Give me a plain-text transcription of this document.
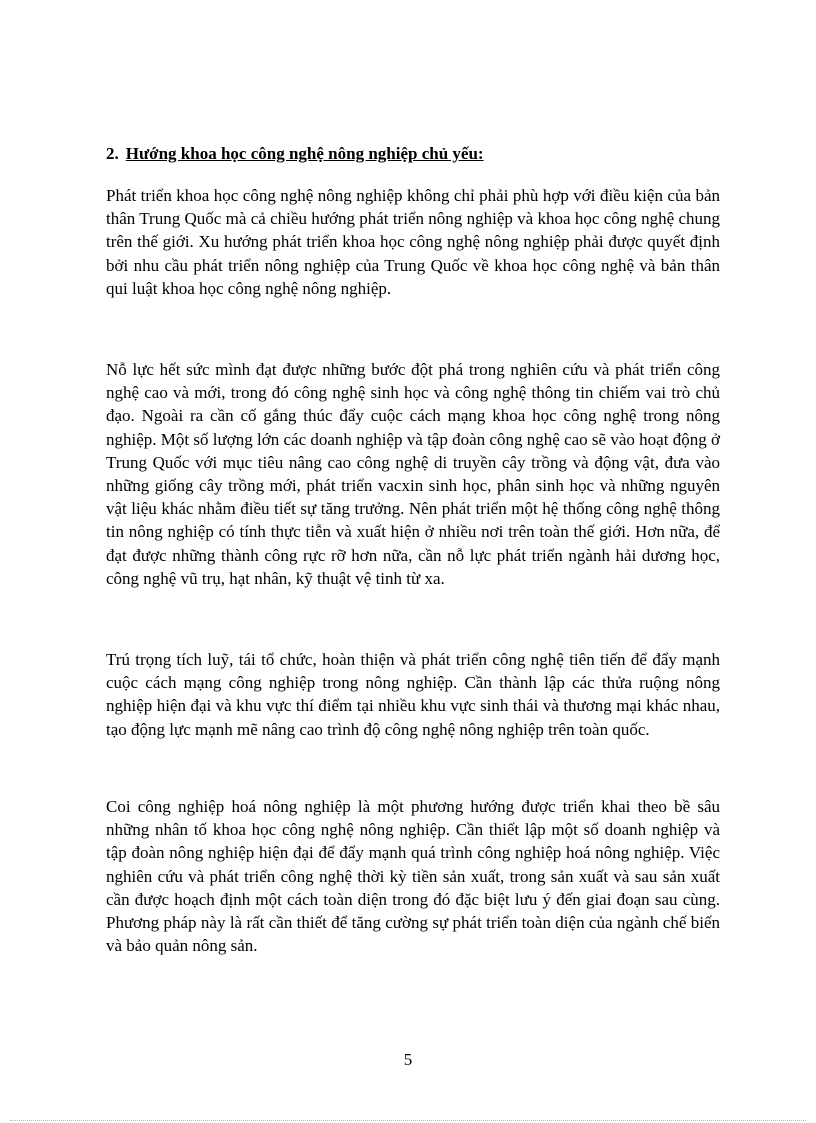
2. Hướng khoa học công nghệ nông nghiệp chủ yếu:

Phát triển khoa học công nghệ nông nghiệp không chỉ phải phù hợp với điều kiện của bản thân Trung Quốc mà cả chiều hướng phát triển nông nghiệp và khoa học công nghệ chung trên thế giới. Xu hướng phát triển khoa học công nghệ nông nghiệp phải được quyết định bởi nhu cầu phát triển nông nghiệp của Trung Quốc về khoa học công nghệ và bản thân qui luật khoa học công nghệ nông nghiệp.

Nỗ lực hết sức mình đạt được những bước đột phá trong nghiên cứu và phát triển công nghệ cao và mới, trong đó công nghệ sinh học và công nghệ thông tin chiếm vai trò chủ đạo. Ngoài ra cần cố gắng thúc đẩy cuộc cách mạng khoa học công nghệ trong nông nghiệp. Một số lượng lớn các doanh nghiệp và tập đoàn công nghệ cao sẽ vào hoạt động ở Trung Quốc với mục tiêu nâng cao công nghệ di truyền cây trồng và động vật, đưa vào những giống cây trồng mới, phát triển vacxin sinh học, phân sinh học và những nguyên vật liệu khác nhằm điều tiết sự tăng trưởng. Nên phát triển một hệ thống công nghệ thông tin nông nghiệp có tính thực tiễn và xuất hiện ở nhiều nơi trên toàn thế giới. Hơn nữa, để đạt được những thành công rực rỡ hơn nữa, cần nỗ lực phát triển ngành hải dương học, công nghệ vũ trụ, hạt nhân, kỹ thuật vệ tinh từ xa.

Trú trọng tích luỹ, tái tổ chức, hoàn thiện và phát triển công nghệ tiên tiến để đẩy mạnh cuộc cách mạng công nghiệp trong nông nghiệp. Cần thành lập các thửa ruộng nông nghiệp hiện đại và khu vực thí điểm tại nhiều khu vực sinh thái và thương mại khác nhau, tạo động lực mạnh mẽ nâng cao trình độ công nghệ nông nghiệp trên toàn quốc.

Coi công nghiệp hoá nông nghiệp là một phương hướng được triển khai theo bề sâu những nhân tố khoa học công nghệ nông nghiệp. Cần thiết lập một số doanh nghiệp và tập đoàn nông nghiệp hiện đại để đẩy mạnh quá trình công nghiệp hoá nông nghiệp. Việc nghiên cứu và phát triển công nghệ thời kỳ tiền sản xuất, trong sản xuất và sau sản xuất cần được hoạch định một cách toàn diện trong đó đặc biệt lưu ý đến giai đoạn sau cùng. Phương pháp này là rất cần thiết để tăng cường sự phát triển toàn diện của ngành chế biến và bảo quản nông sản.

5
